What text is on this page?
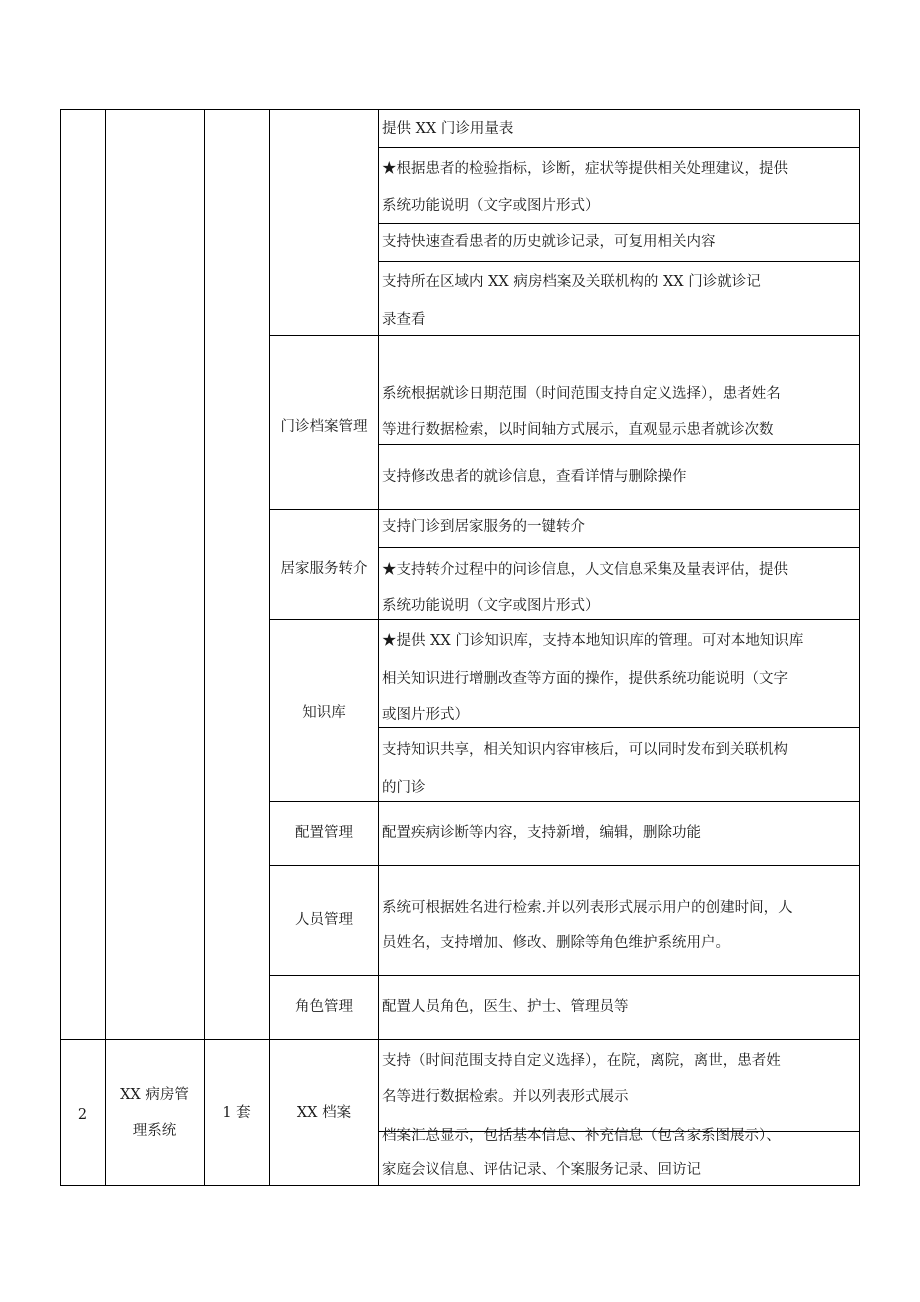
提供 XX 门诊用量表
★根据患者的检验指标，诊断，症状等提供相关处理建议，提供
系统功能说明（文字或图片形式）
支持快速查看患者的历史就诊记录，可复用相关内容
支持所在区域内 XX 病房档案及关联机构的 XX 门诊就诊记
录查看
系统根据就诊日期范围（时间范围支持自定义选择），患者姓名
等进行数据检索，以时间轴方式展示，直观显示患者就诊次数
支持修改患者的就诊信息，查看详情与删除操作
支持门诊到居家服务的一键转介
★支持转介过程中的问诊信息，人文信息采集及量表评估，提供
系统功能说明（文字或图片形式）
★提供 XX 门诊知识库，支持本地知识库的管理。可对本地知识库
相关知识进行增删改查等方面的操作，提供系统功能说明（文字
或图片形式）
支持知识共享，相关知识内容审核后，可以同时发布到关联机构
的门诊
配置疾病诊断等内容，支持新增，编辑，删除功能
系统可根据姓名进行检索.并以列表形式展示用户的创建时间，人
员姓名，支持增加、修改、删除等角色维护系统用户。
配置人员角色，医生、护士、管理员等
支持（时间范围支持自定义选择），在院，离院，离世，患者姓
名等进行数据检索。并以列表形式展示
档案汇总显示，包括基本信息、补充信息（包含家系图展示）、
家庭会议信息、评估记录、个案服务记录、回访记
门诊档案管理
居家服务转介
知识库
配置管理
人员管理
角色管理
XX 档案
2
XX 病房管
理系统
1 套
